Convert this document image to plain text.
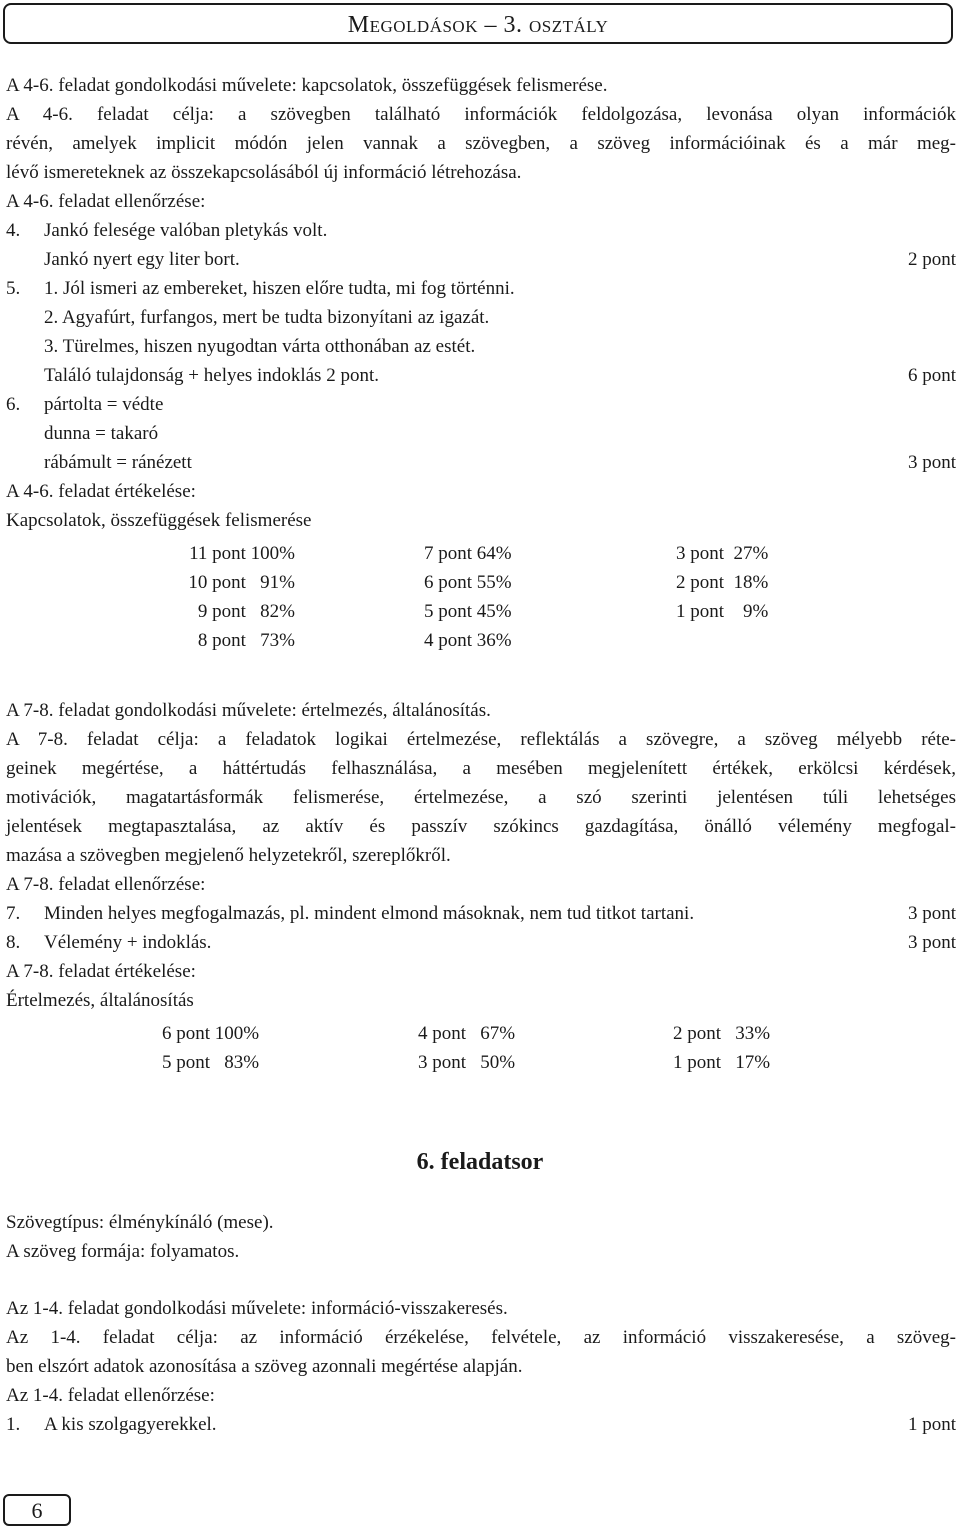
Megoldások – 3. osztály
A 4-6. feladat gondolkodási művelete: kapcsolatok, összefüggések felismerése.
A 4-6. feladat célja: a szövegben található információk feldolgozása, levonása olyan információk
révén, amelyek implicit módón jelen vannak a szövegben, a szöveg információinak és a már meg-
lévő ismereteknek az összekapcsolásából új információ létrehozása.
A 4-6. feladat ellenőrzése:
4. Jankó felesége valóban pletykás volt.
Jankó nyert egy liter bort.	2 pont
5. 1. Jól ismeri az embereket, hiszen előre tudta, mi fog történni.
2. Agyafúrt, furfangos, mert be tudta bizonyítani az igazát.
3. Türelmes, hiszen nyugodtan várta otthonában az estét.
Találó tulajdonság + helyes indoklás 2 pont.	6 pont
6. pártolta = védte
dunna = takaró
rábámult = ránézett	3 pont
A 4-6. feladat értékelése:
Kapcsolatok, összefüggések felismerése
11 pont 100%	7 pont 64%	3 pont  27%
10 pont   91%	6 pont 55%	2 pont  18%
9 pont   82%	5 pont 45%	1 pont    9%
8 pont   73%	4 pont 36%
A 7-8. feladat gondolkodási művelete: értelmezés, általánosítás.
A 7-8. feladat célja: a feladatok logikai értelmezése, reflektálás a szövegre, a szöveg mélyebb réte-
geinek megértése, a háttértudás felhasználása, a mesében megjelenített értékek, erkölcsi kérdések,
motivációk, magatartásformák felismerése, értelmezése, a szó szerinti jelentésen túli lehetséges
jelentések megtapasztalása, az aktív és passzív szókincs gazdagítása, önálló vélemény megfogal-
mazása a szövegben megjelenő helyzetekről, szereplőkről.
A 7-8. feladat ellenőrzése:
7. Minden helyes megfogalmazás, pl. mindent elmond másoknak, nem tud titkot tartani.	3 pont
8. Vélemény + indoklás.	3 pont
A 7-8. feladat értékelése:
Értelmezés, általánosítás
6 pont 100%	4 pont   67%	2 pont   33%
5 pont   83%	3 pont   50%	1 pont   17%
6. feladatsor
Szövegtípus: élménykínáló (mese).
A szöveg formája: folyamatos.
Az 1-4. feladat gondolkodási művelete: információ-visszakeresés.
Az 1-4. feladat célja: az információ érzékelése, felvétele, az információ visszakeresése, a szöveg-
ben elszórt adatok azonosítása a szöveg azonnali megértése alapján.
Az 1-4. feladat ellenőrzése:
1. A kis szolgagyerekkel.	1 pont
6
